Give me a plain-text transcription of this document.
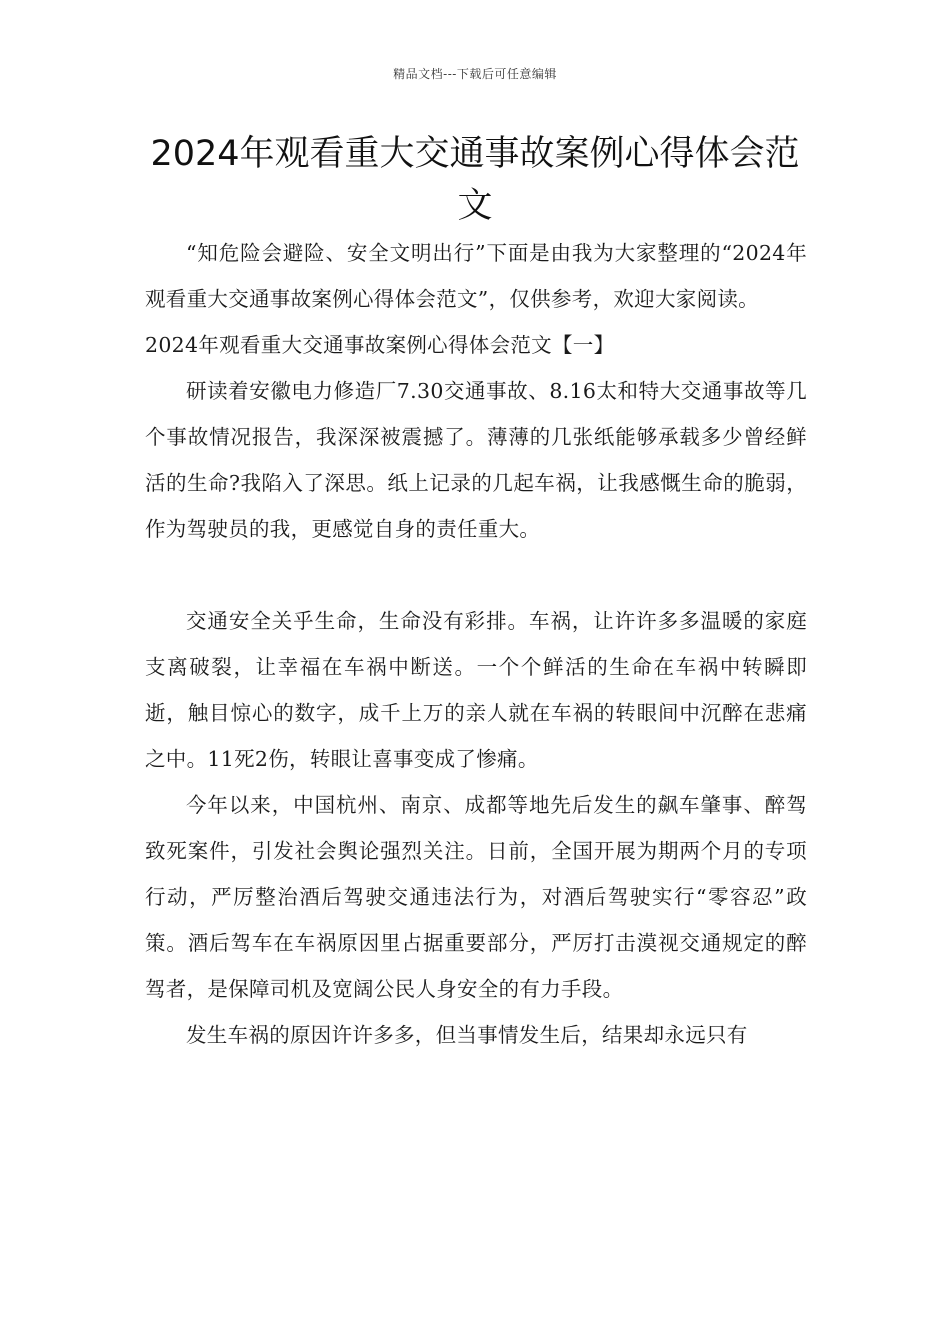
精品文档---下载后可任意编辑
2024年观看重大交通事故案例心得体会范文

“知危险会避险、安全文明出行”下面是由我为大家整理的“2024年观看重大交通事故案例心得体会范文”，仅供参考，欢迎大家阅读。

2024年观看重大交通事故案例心得体会范文【一】

研读着安徽电力修造厂7.30交通事故、8.16太和特大交通事故等几个事故情况报告，我深深被震撼了。薄薄的几张纸能够承载多少曾经鲜活的生命?我陷入了深思。纸上记录的几起车祸，让我感慨生命的脆弱，作为驾驶员的我，更感觉自身的责任重大。

交通安全关乎生命，生命没有彩排。车祸，让许许多多温暖的家庭支离破裂，让幸福在车祸中断送。一个个鲜活的生命在车祸中转瞬即逝，触目惊心的数字，成千上万的亲人就在车祸的转眼间中沉醉在悲痛之中。11死2伤，转眼让喜事变成了惨痛。

今年以来，中国杭州、南京、成都等地先后发生的飙车肇事、醉驾致死案件，引发社会舆论强烈关注。日前，全国开展为期两个月的专项行动，严厉整治酒后驾驶交通违法行为，对酒后驾驶实行“零容忍”政策。酒后驾车在车祸原因里占据重要部分，严厉打击漠视交通规定的醉驾者，是保障司机及宽阔公民人身安全的有力手段。

发生车祸的原因许许多多，但当事情发生后，结果却永远只有
